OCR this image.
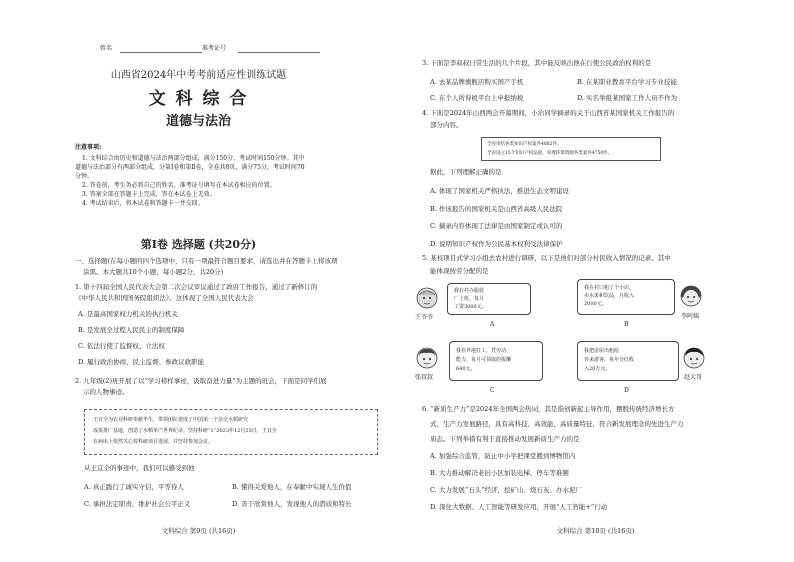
姓名	准考证号
山西省2024年中考考前适应性训练试题
文 科 综 合
道德与法治
注意事项:
1. 文科综合由历史和道德与法治两部分组成，满分150分，考试时间150分钟。其中
道德与法治部分有两部分组成，分第Ⅰ卷和第Ⅱ卷，全卷共8页，满分75分，考试时间70
分钟。
2. 答卷前，考生务必将自己的姓名、准考证号填写在本试卷相应的位置。
3. 答案全部在答题卡上完成，答在本试卷上无效。
4. 考试结束后，将本试卷和答题卡一并交回。
第Ⅰ卷 选择题 (共20分)
一、选择题(在每小题的四个选项中，只有一项最符合题目要求，请选出并在答题卡上将该项
涂黑。本大题共10个小题，每小题2分，共20分)
1. 第十四届全国人民代表大会第二次会议审议通过了政府工作报告，通过了新修订的
《中华人民共和国国务院组织法》。这体现了全国人民代表大会
A. 是最高国家权力机关的执行机关
B. 是发展全过程人民民主的制度保障
C. 依法行使了监督权、立法权
D. 履行政治协商、民主监督、参政议政职能
2. 九年级(2)班开展了以“学习榜样事迹，汲取奋进力量”为主题的班会，下面是同学们展
示的人物事迹。
王宜全为农业科研奉献毕生，带领团队建成了中国第一个杂交水稻研究
成果推广基地，创造了水稻单产世界纪录。坚持科研“1”2023年12月23日，王宜全
在病床上依然关心着科研项目进展，并坚持参加会议。
从王宜全的事迹中，我们可以感受到他
A. 真正践行了诚实守信，平等待人
C. 承担法定职责，维护社会公平正义
B. 懂得关爱他人，在奉献中实现人生价值
D. 善于欣赏他人，发现他人的潜质和特长
文科综合 第9页 (共16页)
3. 下面是李叔叔日常生活的几个片段，其中能反映出他在行使公民政治权利的是
A. 去某品牌旗舰店购买国产手机
C. 在个人所得税平台上申报纳税
B. 在某职业教育平台学习专业技能
D. 实名举报某国家工作人员不作为
4. 下面是2024年山西两会开幕期间，小治同学摘录的关于山西省某国家机关工作报告的
部分内容。
全省审结各类知识产权案件4882件。
全省设立15个知识产权法庭，审理环境资源各类案件4750件。
据此，下列理解正确的是
A. 体现了国家机关严格执法，推进生态文明建设
B. 作该报告的国家机关是山西省高级人民法院
C. 摘录内容体现了法律是由国家制定或认可的
D. 说明知识产权作为公民基本权利受法律保护
5. 某校项目式学习小组去农村进行调研，以下是他们对部分村民收入情况的记录。其中
能体现按劳分配的是
王爷爷
我在村办服装
厂上班，每月
工资3000元。
A
我在村口租了个小店，
卖水果和饮品，月收入
2000元。
李阿姨
B
张叔叔
我在外地打工，凭劳动
能力，每月可领取的报酬
640元。
C
我把房屋出租给
外来游客，每年分红收
入20万元。
赵大哥
D
6. “新质生产力”是2024年全国两会热词，其是指创新起主导作用，摆脱传统经济增长方
式、生产力发展路径，具有高科技、高效能、高质量特征，符合新发展理念的先进生产力
质态。下列举措有利于直接推动发展新质生产力的是
A. 加强综合监管，防止中小学把课堂搬到博物馆内
B. 大力推动解决老旧小区加装电梯、停车等难题
C. 大力发展“石头”经济，挖矿山、烧石灰、办水泥厂
D. 深化大数据、人工智能等研发应用，开展“人工智能+”行动
文科综合 第10页 (共16页)
